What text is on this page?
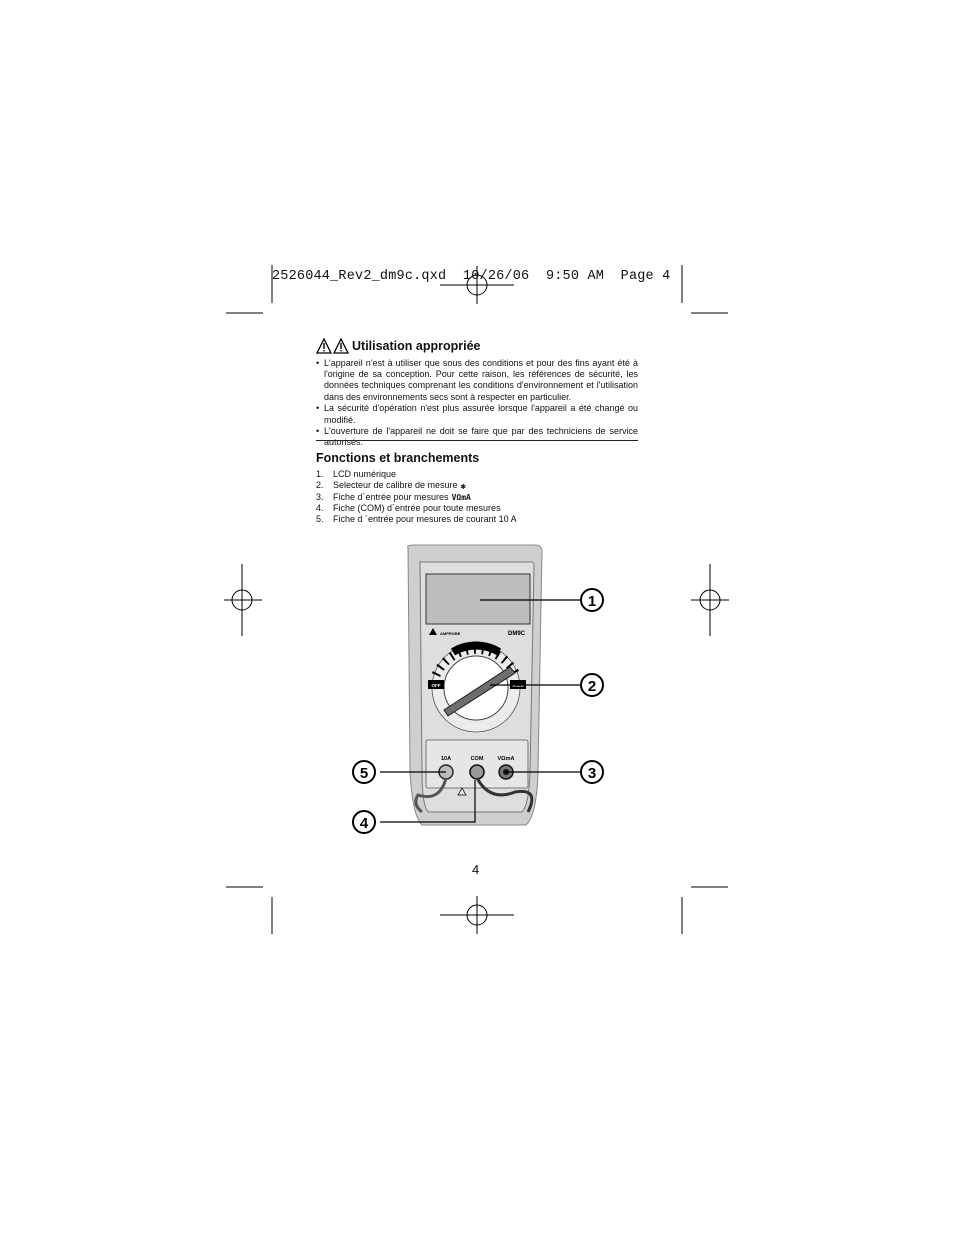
2526044_Rev2_dm9c.qxd  10/26/06  9:50 AM  Page 4
Utilisation appropriée
• L'appareil n'est à utiliser que sous des conditions et pour des fins ayant été à l'origine de sa conception. Pour cette raison, les références de sécurité, les données techniques comprenant les conditions d'environnement et l'utilisation dans des environnements secs sont à respecter en particulier.
• La sécurité d'opération n'est plus assurée lorsque l'appareil a été changé ou modifié.
• L'ouverture de l'appareil ne doit se faire que par des techniciens de service autorisés.
Fonctions et branchements
1.	LCD numérique
2.	Selecteur de calibre de mesure
3.	Fiche d´entrée pour mesures
✱
VΩmA
4.	Fiche (COM) d´entrée pour toute mesures
5.	Fiche d ´entrée pour mesures de courant 10 A
AMPROBE	DM9C
OFF	HOLD
10A	COM	VΩmA
1
2
3
4
5
4
